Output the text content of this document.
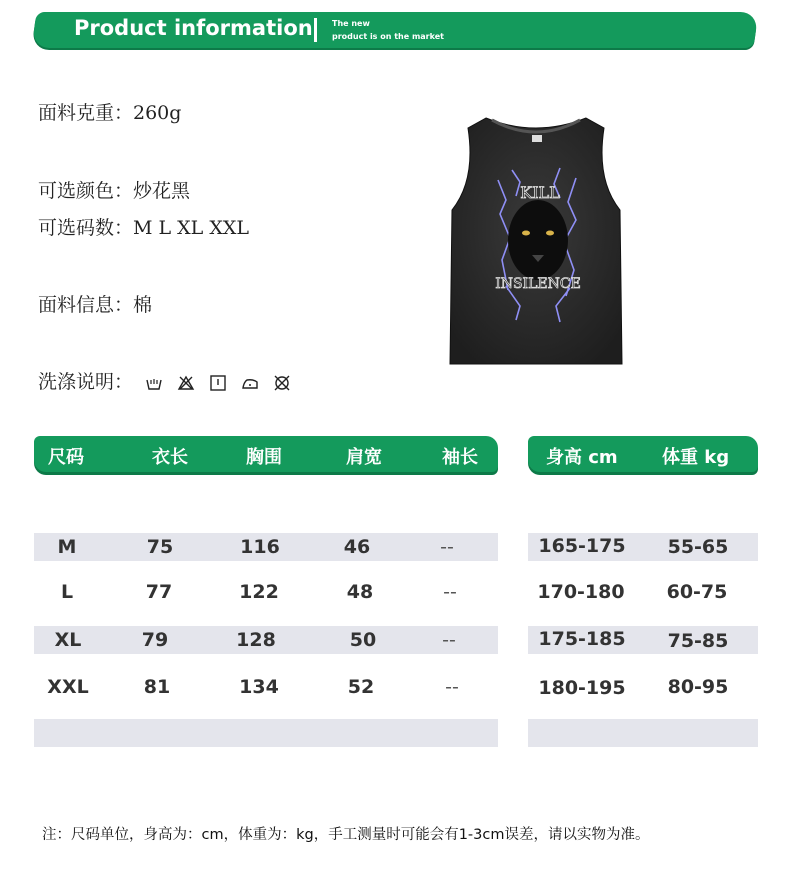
Product information The new
product is on the market
面料克重：260g
可选颜色：炒花黑
可选码数：M L XL XXL
面料信息：棉
洗涤说明：
KILL
INSILENCE
尺码	衣长	胸围	肩宽	袖长	身高 cm 体重 kg
M	75	116	46	--
L	77	122	48	--
XL	79	128	50	--
XXL	81	134	52	--
165-175 55-65
170-180 60-75
175-185 75-85
180-195 80-95
注：尺码单位，身高为：cm，体重为：kg，手工测量时可能会有1-3cm误差，请以实物为准。
